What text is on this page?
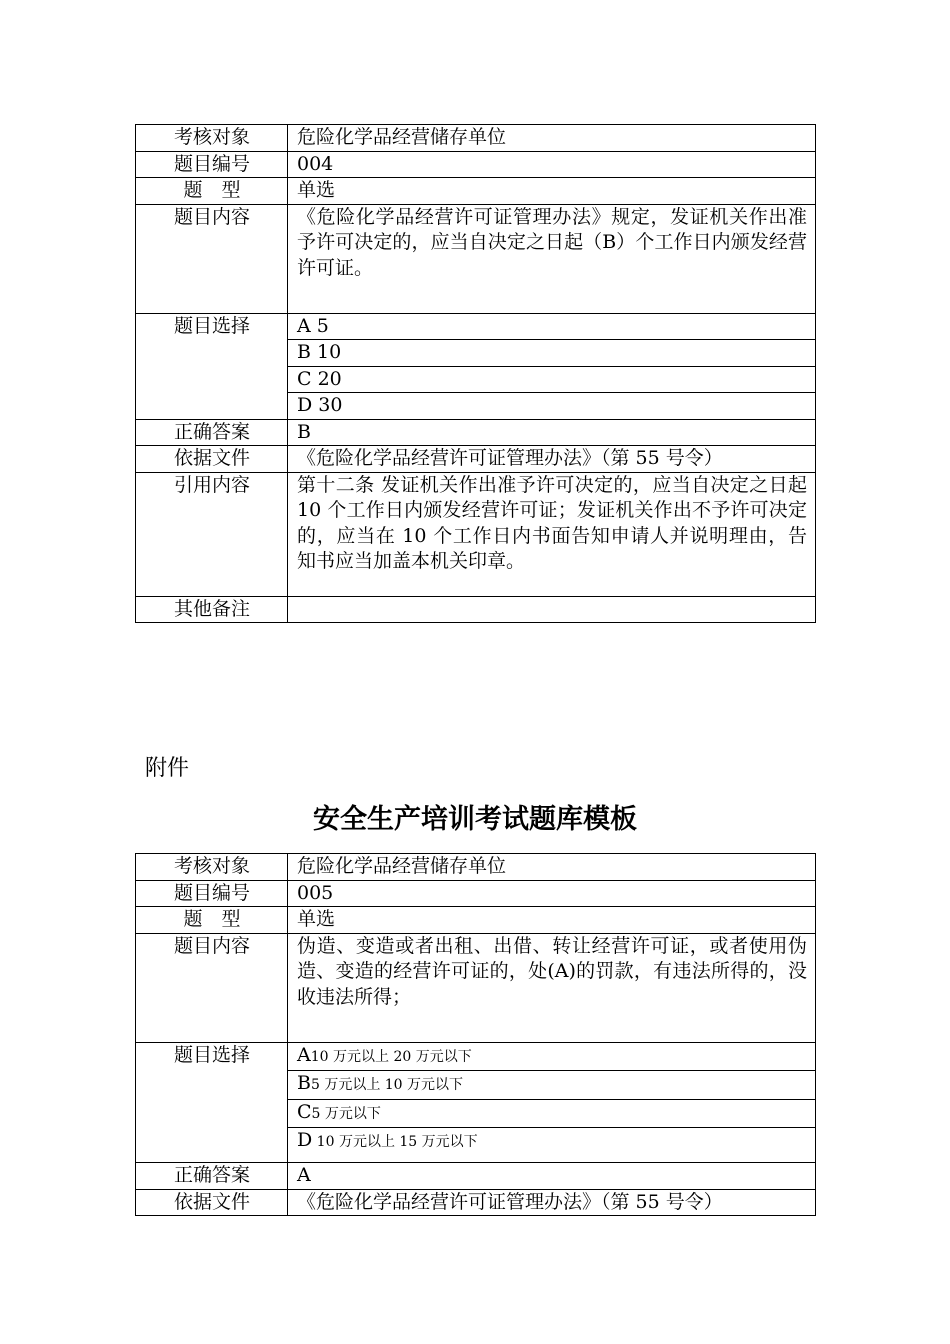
考核对象	危险化学品经营储存单位
题目编号	004
题　型	单选
题目内容	《危险化学品经营许可证管理办法》规定，发证机关作出准予许可决定的，应当自决定之日起（B）个工作日内颁发经营许可证。
题目选择	A 5
	B 10
	C 20
	D 30
正确答案	B
依据文件	《危险化学品经营许可证管理办法》（第 55 号令）
引用内容	第十二条 发证机关作出准予许可决定的，应当自决定之日起 10 个工作日内颁发经营许可证；发证机关作出不予许可决定的，应当在 10 个工作日内书面告知申请人并说明理由，告知书应当加盖本机关印章。
其他备注	
附件
安全生产培训考试题库模板
考核对象	危险化学品经营储存单位
题目编号	005
题　型	单选
题目内容	伪造、变造或者出租、出借、转让经营许可证，或者使用伪造、变造的经营许可证的，处(A)的罚款，有违法所得的，没收违法所得；
题目选择	A10 万元以上 20 万元以下
	B5 万元以上 10 万元以下
	C5 万元以下
	D 10 万元以上 15 万元以下
正确答案	A
依据文件	《危险化学品经营许可证管理办法》（第 55 号令）
